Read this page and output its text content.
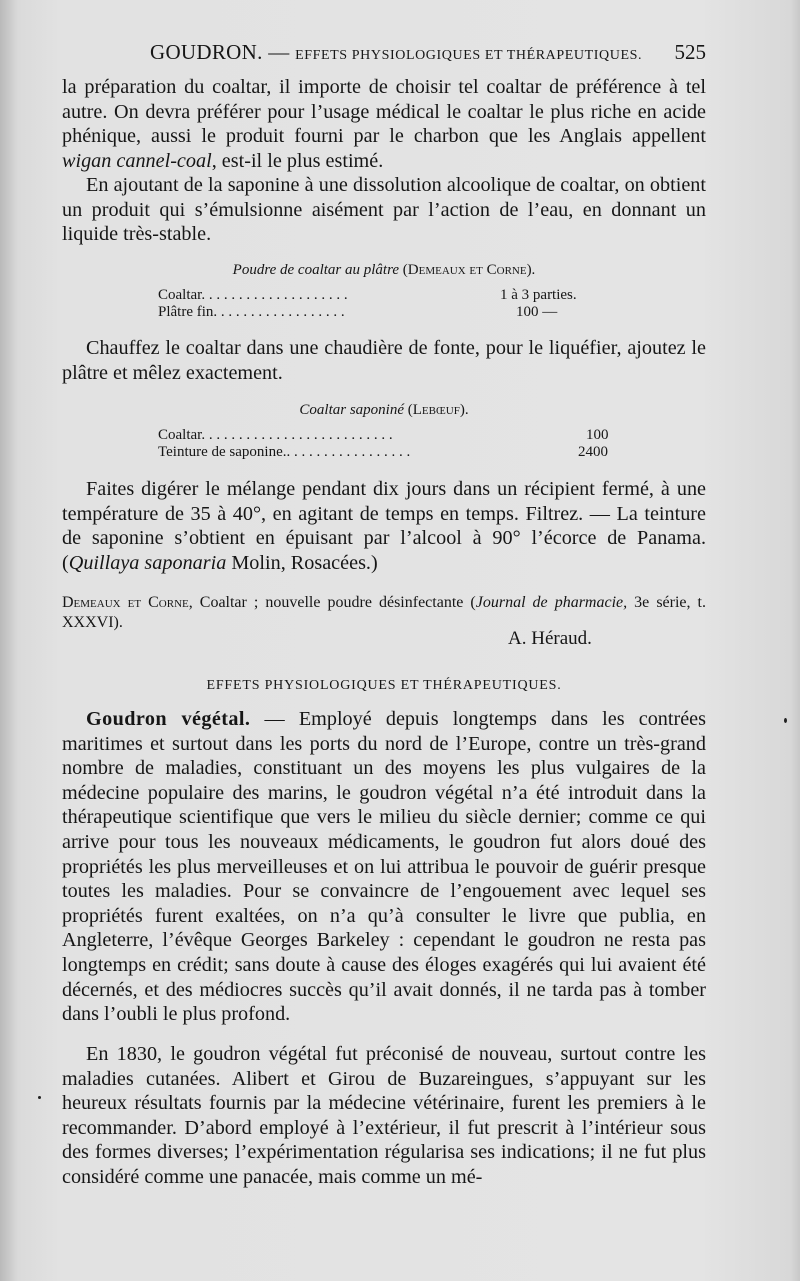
GOUDRON. — EFFETS PHYSIOLOGIQUES ET THÉRAPEUTIQUES. 525

la préparation du coaltar, il importe de choisir tel coaltar de préférence à tel autre. On devra préférer pour l’usage médical le coaltar le plus riche en acide phénique, aussi le produit fourni par le charbon que les Anglais appellent wigan cannel-coal, est-il le plus estimé.

En ajoutant de la saponine à une dissolution alcoolique de coaltar, on obtient un produit qui s’émulsionne aisément par l’action de l’eau, en donnant un liquide très-stable.

Poudre de coaltar au plâtre (Demeaux et Corne).
Coaltar. . . . . . . . . . . . . . . . . . . .	1 à 3 parties.
Plâtre fin. . . . . . . . . . . . . . . . . .	100 —

Chauffez le coaltar dans une chaudière de fonte, pour le liquéfier, ajoutez le plâtre et mêlez exactement.

Coaltar saponiné (Lebœuf).
Coaltar. . . . . . . . . . . . . . . . . . . . . . . . . .	100
Teinture de saponine.. . . . . . . . . . . . . . . . .	2400

Faites digérer le mélange pendant dix jours dans un récipient fermé, à une température de 35 à 40°, en agitant de temps en temps. Filtrez. — La teinture de saponine s’obtient en épuisant par l’alcool à 90° l’écorce de Panama. (Quillaya saponaria Molin, Rosacées.)

Demeaux et Corne, Coaltar ; nouvelle poudre désinfectante (Journal de pharmacie, 3e série, t. XXXVI).

A. Héraud.
EFFETS PHYSIOLOGIQUES ET THÉRAPEUTIQUES.

Goudron végétal. — Employé depuis longtemps dans les contrées maritimes et surtout dans les ports du nord de l’Europe, contre un très-grand nombre de maladies, constituant un des moyens les plus vulgaires de la médecine populaire des marins, le goudron végétal n’a été introduit dans la thérapeutique scientifique que vers le milieu du siècle dernier; comme ce qui arrive pour tous les nouveaux médicaments, le goudron fut alors doué des propriétés les plus merveilleuses et on lui attribua le pouvoir de guérir presque toutes les maladies. Pour se convaincre de l’engouement avec lequel ses propriétés furent exaltées, on n’a qu’à consulter le livre que publia, en Angleterre, l’évêque Georges Barkeley : cependant le goudron ne resta pas longtemps en crédit; sans doute à cause des éloges exagérés qui lui avaient été décernés, et des médiocres succès qu’il avait donnés, il ne tarda pas à tomber dans l’oubli le plus profond.

En 1830, le goudron végétal fut préconisé de nouveau, surtout contre les maladies cutanées. Alibert et Girou de Buzareingues, s’appuyant sur les heureux résultats fournis par la médecine vétérinaire, furent les premiers à le recommander. D’abord employé à l’extérieur, il fut prescrit à l’intérieur sous des formes diverses; l’expérimentation régularisa ses indications; il ne fut plus considéré comme une panacée, mais comme un mé-
